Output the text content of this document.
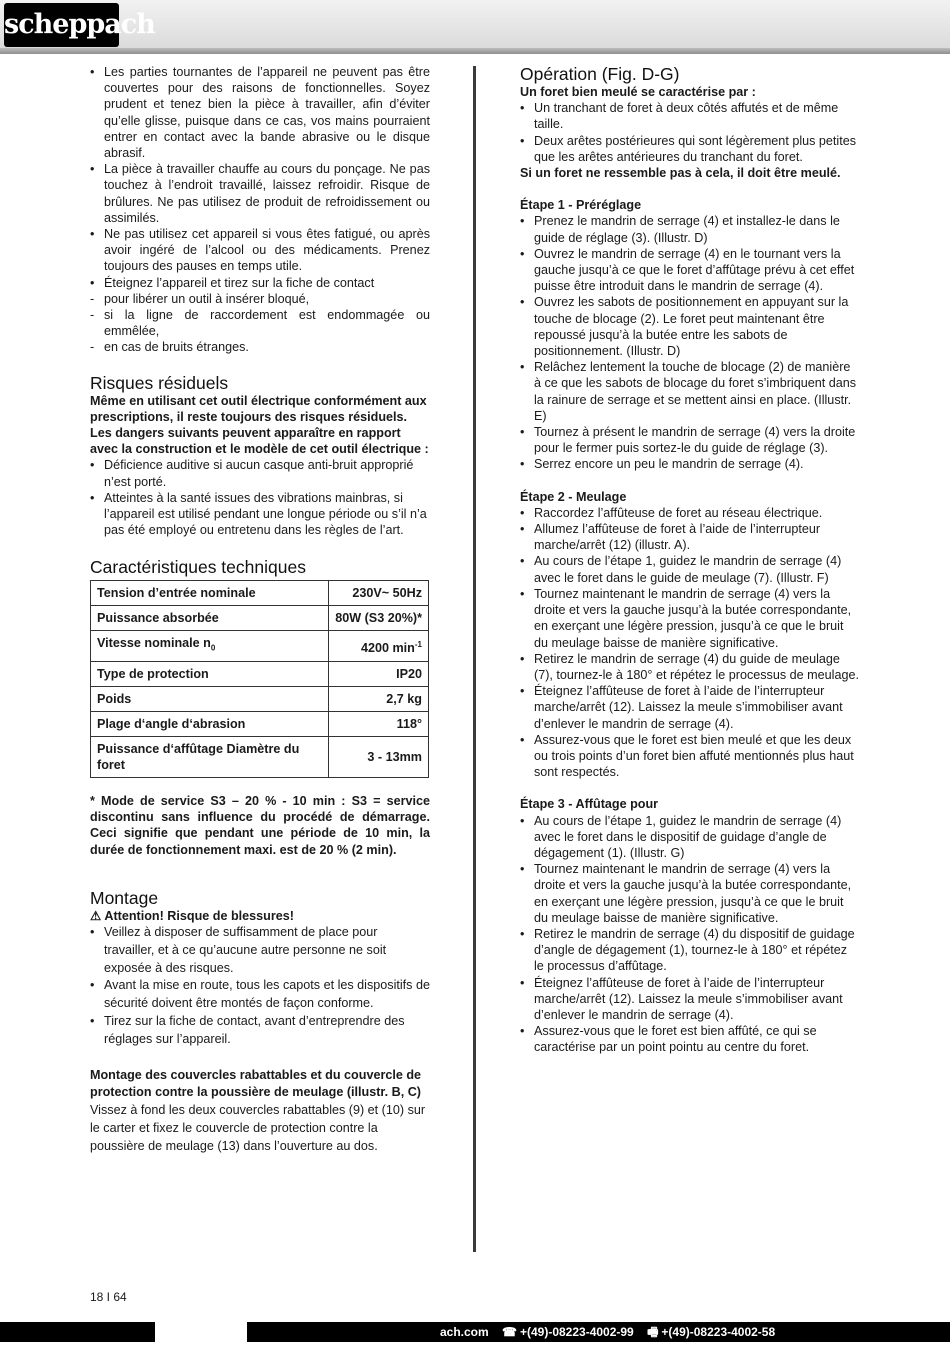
scheppach
• Les parties tournantes de l’appareil ne peuvent pas être couvertes pour des raisons de fonctionnelles. Soyez prudent et tenez bien la pièce à travailler, afin d’éviter qu’elle glisse, puisque dans ce cas, vos mains pourraient entrer en contact avec la bande abrasive ou le disque abrasif.
• La pièce à travailler chauffe au cours du ponçage. Ne pas touchez à l’endroit travaillé, laissez refroidir. Risque de brûlures. Ne pas utilisez de produit de refroidissement ou assimilés.
• Ne pas utilisez cet appareil si vous êtes fatigué, ou après avoir ingéré de l’alcool ou des médicaments. Prenez toujours des pauses en temps utile.
• Éteignez l’appareil et tirez sur la fiche de contact
- pour libérer un outil à insérer bloqué,
- si la ligne de raccordement est endommagée ou emmêlée,
- en cas de bruits étranges.
Risques résiduels
Même en utilisant cet outil électrique conformément aux prescriptions, il reste toujours des risques résiduels. Les dangers suivants peuvent apparaître en rapport avec la construction et le modèle de cet outil électrique :
• Déficience auditive si aucun casque anti-bruit approprié n’est porté.
• Atteintes à la santé issues des vibrations mainbras, si l’appareil est utilisé pendant une longue période ou s’il n’a pas été employé ou entretenu dans les règles de l’art.
Caractéristiques techniques
Tension d’entrée nominale	230V~ 50Hz
Puissance absorbée	80W (S3 20%)*
Vitesse nominale $n_0$	4200 $\min^{-1}$
Type de protection	IP20
Poids	2,7 kg
Plage d‘angle d‘abrasion	118°
Puissance d‘affûtage Diamètre du foret	3 - 13mm
* Mode de service S3 – 20 % - 10 min : S3 = service discontinu sans influence du procédé de démarrage. Ceci signifie que pendant une période de 10 min, la durée de fonctionnement maxi. est de 20 % (2 min).
Montage
⚠ Attention! Risque de blessures!
• Veillez à disposer de suffisamment de place pour travailler, et à ce qu’aucune autre personne ne soit exposée à des risques.
• Avant la mise en route, tous les capots et les dispositifs de sécurité doivent être montés de façon conforme.
• Tirez sur la fiche de contact, avant d’entreprendre des réglages sur l’appareil.
Montage des couvercles rabattables et du couvercle de protection contre la poussière de meulage (illustr. B, C)
Vissez à fond les deux couvercles rabattables (9) et (10) sur le carter et fixez le couvercle de protection contre la poussière de meulage (13) dans l’ouverture au dos.
Opération (Fig. D-G)
Un foret bien meulé se caractérise par :
• Un tranchant de foret à deux côtés affutés et de même taille.
• Deux arêtes postérieures qui sont légèrement plus petites que les arêtes antérieures du tranchant du foret.
Si un foret ne ressemble pas à cela, il doit être meulé.
Étape 1 - Préréglage
• Prenez le mandrin de serrage (4) et installez-le dans le guide de réglage (3). (Illustr. D)
• Ouvrez le mandrin de serrage (4) en le tournant vers la gauche jusqu’à ce que le foret d’affûtage prévu à cet effet puisse être introduit dans le mandrin de serrage (4).
• Ouvrez les sabots de positionnement en appuyant sur la touche de blocage (2). Le foret peut maintenant être repoussé jusqu’à la butée entre les sabots de positionnement. (Illustr. D)
• Relâchez lentement la touche de blocage (2) de manière à ce que les sabots de blocage du foret s’imbriquent dans la rainure de serrage et se mettent ainsi en place. (Illustr. E)
• Tournez à présent le mandrin de serrage (4) vers la droite pour le fermer puis sortez-le du guide de réglage (3).
• Serrez encore un peu le mandrin de serrage (4).
Étape 2 - Meulage
• Raccordez l’affûteuse de foret au réseau électrique.
• Allumez l’affûteuse de foret à l’aide de l’interrupteur marche/arrêt (12) (illustr. A).
• Au cours de l’étape 1, guidez le mandrin de serrage (4) avec le foret dans le guide de meulage (7). (Illustr. F)
• Tournez maintenant le mandrin de serrage (4) vers la droite et vers la gauche jusqu’à la butée correspondante, en exerçant une légère pression, jusqu’à ce que le bruit du meulage baisse de manière significative.
• Retirez le mandrin de serrage (4) du guide de meulage (7), tournez-le à 180° et répétez le processus de meulage.
• Éteignez l’affûteuse de foret à l’aide de l’interrupteur marche/arrêt (12). Laissez la meule s’immobiliser avant d’enlever le mandrin de serrage (4).
• Assurez-vous que le foret est bien meulé et que les deux ou trois points d’un foret bien affuté mentionnés plus haut sont respectés.
Étape 3 - Affûtage pour
• Au cours de l’étape 1, guidez le mandrin de serrage (4) avec le foret dans le dispositif de guidage d’angle de dégagement (1). (Illustr. G)
• Tournez maintenant le mandrin de serrage (4) vers la droite et vers la gauche jusqu’à la butée correspondante, en exerçant une légère pression, jusqu’à ce que le bruit du meulage baisse de manière significative.
• Retirez le mandrin de serrage (4) du dispositif de guidage d’angle de dégagement (1), tournez-le à 180° et répétez le processus d’affûtage.
• Éteignez l’affûteuse de foret à l’aide de l’interrupteur marche/arrêt (12). Laissez la meule s’immobiliser avant d’enlever le mandrin de serrage (4).
• Assurez-vous que le foret est bien affûté, ce qui se caractérise par un point pointu au centre du foret.
18 I 64
ach.com ☎ +(49)-08223-4002-99 🖷 +(49)-08223-4002-58
